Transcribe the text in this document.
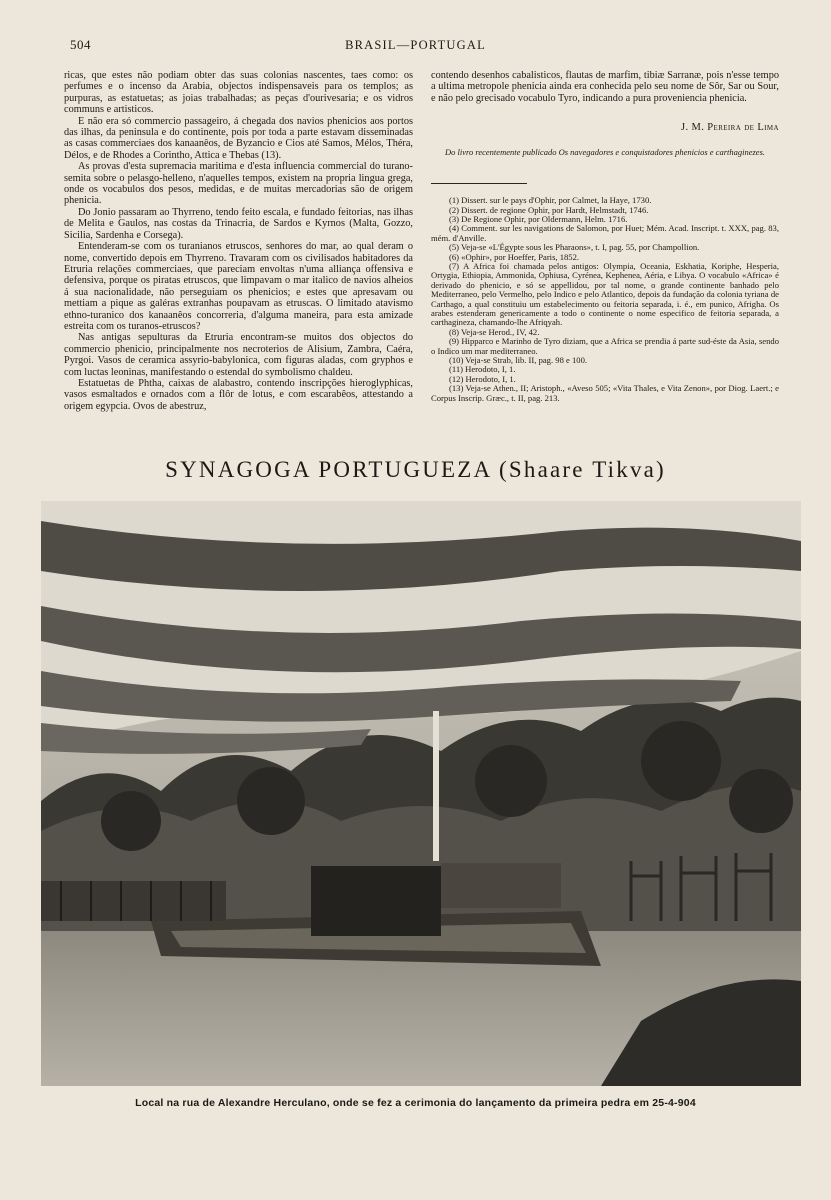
504	BRASIL—PORTUGAL

ricas, que estes não podiam obter das suas colonias nascentes, taes como: os perfumes e o incenso da Arabia, objectos indispensaveis para os templos; as purpuras, as estatuetas; as joias trabalhadas; as peças d'ourivesaria; e os vidros communs e artisticos.

E não era só commercio passageiro, á chegada dos navios phenicios aos portos das ilhas, da peninsula e do continente, pois por toda a parte estavam disseminadas as casas commerciaes dos kanaanêos, de Byzancio e Cios até Samos, Mélos, Théra, Délos, e de Rhodes a Corintho, Attica e Thebas (13).

As provas d'esta supremacia maritima e d'esta influencia commercial do turano-semita sobre o pelasgo-helleno, n'aquelles tempos, existem na propria lingua grega, onde os vocabulos dos pesos, medidas, e de muitas mercadorias são de origem phenicia.

Do Jonio passaram ao Thyrreno, tendo feito escala, e fundado feitorias, nas ilhas de Melita e Gaulos, nas costas da Trinacria, de Sardos e Kyrnos (Malta, Gozzo, Sicilia, Sardenha e Corsega).

Entenderam-se com os turanianos etruscos, senhores do mar, ao qual deram o nome, convertido depois em Thyrreno. Travaram com os civilisados habitadores da Etruria relações commerciaes, que pareciam envoltas n'uma alliança offensiva e defensiva, porque os piratas etruscos, que limpavam o mar italico de navios alheios á sua nacionalidade, não perseguiam os phenicios; e estes que apresavam ou mettiam a pique as galéras extranhas poupavam as etruscas. O limitado atavismo ethno-turanico dos kanaanêos concorreria, d'alguma maneira, para esta amizade estreita com os turanos-etruscos?

Nas antigas sepulturas da Etruria encontram-se muitos dos objectos do commercio phenicio, principalmente nos necroterios de Alisium, Zambra, Caéra, Pyrgoi. Vasos de ceramica assyrio-babylonica, com figuras aladas, com gryphos e com luctas leoninas, manifestando o estendal do symbolismo chaldeu.

Estatuetas de Phtha, caixas de alabastro, contendo inscripções hieroglyphicas, vasos esmaltados e ornados com a flôr de lotus, e com escarabêos, attestando a origem egypcia. Ovos de abestruz,

contendo desenhos cabalisticos, flautas de marfim, tibiæ Sarranæ, pois n'esse tempo a ultima metropole phenicia ainda era conhecida pelo seu nome de Sôr, Sar ou Sour, e não pelo grecisado vocabulo Tyro, indicando a pura proveniencia phenicia.

J. M. Pereira de Lima
Do livro recentemente publicado Os navegadores e conquistadores phenicios e carthaginezes.
(1) Dissert. sur le pays d'Ophir, por Calmet, la Haye, 1730.
(2) Dissert. de regione Ophir, por Hardt, Helmstadt, 1746.
(3) De Regione Ophir, por Oldermann, Helm. 1716.
(4) Comment. sur les navigations de Salomon, por Huet; Mém. Acad. Inscript. t. XXX, pag. 83, mém. d'Anville.
(5) Veja-se «L'Égypte sous les Pharaons», t. I, pag. 55, por Champollion.
(6) «Ophir», por Hoeffer, Paris, 1852.
(7) A Africa foi chamada pelos antigos: Olympia, Oceania, Eskhatia, Koriphe, Hesperia, Ortygia, Ethiopia, Ammonida, Ophiusa, Cyrénea, Kephenea, Aéria, e Libya. O vocabulo «Africa» é derivado do phenicio, e só se appellidou, por tal nome, o grande continente banhado pelo Mediterraneo, pelo Vermelho, pelo Indico e pelo Atlantico, depois da fundação da colonia tyriana de Carthago, a qual constituiu um estabelecimento ou feitoria separada, i. é., em punico, Afrigha. Os arabes estenderam genericamente a todo o continente o nome especifico de feitoria separada, a carthagineza, chamando-lhe Afriqyah.
(8) Veja-se Herod., IV, 42.
(9) Hipparco e Marinho de Tyro diziam, que a Africa se prendia á parte sud-éste da Asia, sendo o Indico um mar mediterraneo.
(10) Veja-se Strab, lib. II, pag. 98 e 100.
(11) Herodoto, I, 1.
(12) Herodoto, I, 1.
(13) Veja-se Athen., II; Aristoph., «Aveso 505; «Vita Thales, e Vita Zenon», por Diog. Laert.; e Corpus Inscrip. Græc., t. II, pag. 213.
SYNAGOGA PORTUGUEZA (Shaare Tikva)
Local na rua de Alexandre Herculano, onde se fez a cerimonia do lançamento da primeira pedra em 25-4-904
